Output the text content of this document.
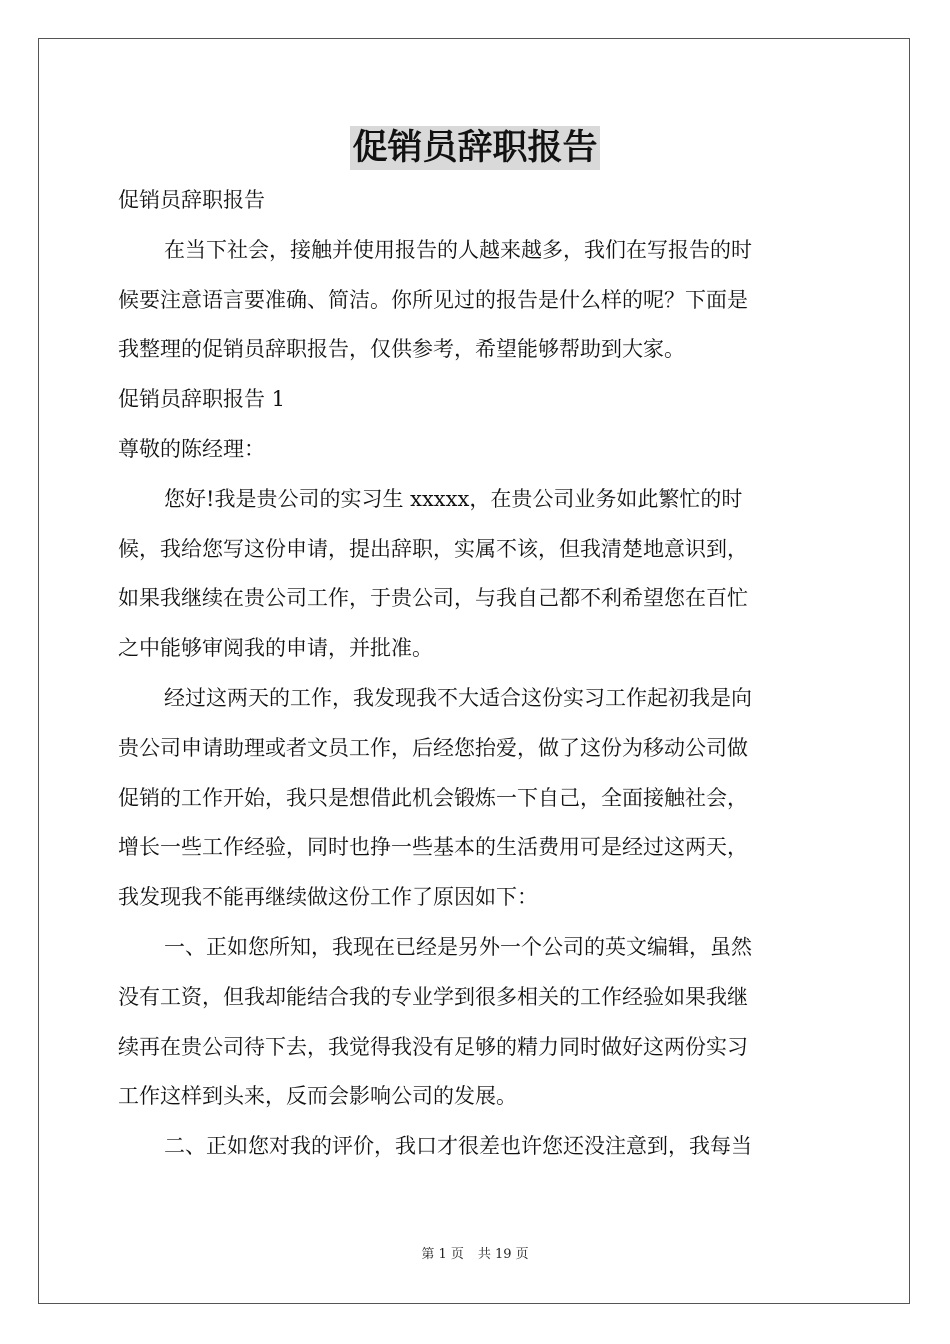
促销员辞职报告
促销员辞职报告
在当下社会，接触并使用报告的人越来越多，我们在写报告的时
候要注意语言要准确、简洁。你所见过的报告是什么样的呢？下面是
我整理的促销员辞职报告，仅供参考，希望能够帮助到大家。
促销员辞职报告 1
尊敬的陈经理：
您好!我是贵公司的实习生 xxxxx，在贵公司业务如此繁忙的时
候，我给您写这份申请，提出辞职，实属不该，但我清楚地意识到，
如果我继续在贵公司工作，于贵公司，与我自己都不利希望您在百忙
之中能够审阅我的申请，并批准。
经过这两天的工作，我发现我不大适合这份实习工作起初我是向
贵公司申请助理或者文员工作，后经您抬爱，做了这份为移动公司做
促销的工作开始，我只是想借此机会锻炼一下自己，全面接触社会，
增长一些工作经验，同时也挣一些基本的生活费用可是经过这两天，
我发现我不能再继续做这份工作了原因如下：
一、正如您所知，我现在已经是另外一个公司的英文编辑，虽然
没有工资，但我却能结合我的专业学到很多相关的工作经验如果我继
续再在贵公司待下去，我觉得我没有足够的精力同时做好这两份实习
工作这样到头来，反而会影响公司的发展。
二、正如您对我的评价，我口才很差也许您还没注意到，我每当
第 1 页 共 19 页
